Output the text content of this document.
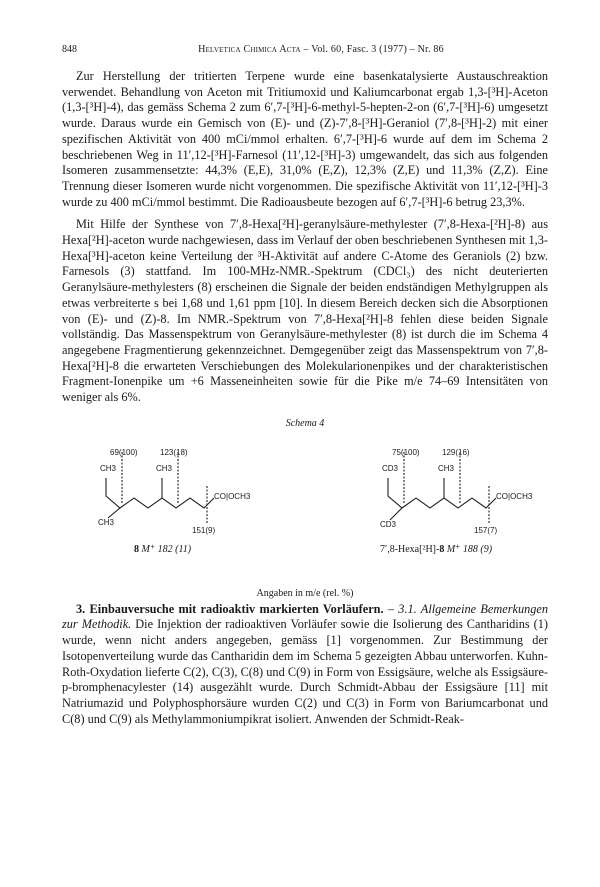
848	Helvetica Chimica Acta – Vol. 60, Fasc. 3 (1977) – Nr. 86

Zur Herstellung der tritierten Terpene wurde eine basenkatalysierte Austauschreaktion verwendet. Behandlung von Aceton mit Tritiumoxid und Kaliumcarbonat ergab 1,3-[³H]-Aceton (1,3-[³H]-4), das gemäss Schema 2 zum 6′,7-[³H]-6-methyl-5-hepten-2-on (6′,7-[³H]-6) umgesetzt wurde. Daraus wurde ein Gemisch von (E)- und (Z)-7′,8-[³H]-Geraniol (7′,8-[³H]-2) mit einer spezifischen Aktivität von 400 mCi/mmol erhalten. 6′,7-[³H]-6 wurde auf dem im Schema 2 beschriebenen Weg in 11′,12-[³H]-Farnesol (11′,12-[³H]-3) umgewandelt, das sich aus folgenden Isomeren zusammensetzte: 44,3% (E,E), 31,0% (E,Z), 12,3% (Z,E) und 11,3% (Z,Z). Eine Trennung dieser Isomeren wurde nicht vorgenommen. Die spezifische Aktivität von 11′,12-[³H]-3 wurde zu 400 mCi/mmol bestimmt. Die Radioausbeute bezogen auf 6′,7-[³H]-6 betrug 23,3%.

Mit Hilfe der Synthese von 7′,8-Hexa[²H]-geranylsäure-methylester (7′,8-Hexa-[²H]-8) aus Hexa[²H]-aceton wurde nachgewiesen, dass im Verlauf der oben beschriebenen Synthesen mit 1,3-Hexa[³H]-aceton keine Verteilung der ³H-Aktivität auf andere C-Atome des Geraniols (2) bzw. Farnesols (3) stattfand. Im 100-MHz-NMR.-Spektrum (CDCl₃) des nicht deuterierten Geranylsäure-methylesters (8) erscheinen die Signale der beiden endständigen Methylgruppen als etwas verbreiterte s bei 1,68 und 1,61 ppm [10]. In diesem Bereich decken sich die Absorptionen von (E)- und (Z)-8. Im NMR.-Spektrum von 7′,8-Hexa[²H]-8 fehlen diese beiden Signale vollständig. Das Massenspektrum von Geranylsäure-methylester (8) ist durch die im Schema 4 angegebene Fragmentierung gekennzeichnet. Demgegenüber zeigt das Massenspektrum von 7′,8-Hexa[²H]-8 die erwarteten Verschiebungen des Molekularionenpikes und der charakteristischen Fragment-Ionenpike um +6 Masseneinheiten sowie für die Pike m/e 74–69 Intensitäten von weniger als 6%.

Schema 4
69(100)	123(18)
CH3	CH3
CH3
CO|OCH3
151(9)
8 M⁺ 182 (11)
75(100)	129(16)
CD3	CH3
CD3
CO|OCH3
157(7)
7′,8-Hexa[²H]-8 M⁺ 188 (9)
Angaben in m/e (rel. %)

3. Einbauversuche mit radioaktiv markierten Vorläufern. – 3.1. Allgemeine Bemerkungen zur Methodik. Die Injektion der radioaktiven Vorläufer sowie die Isolierung des Cantharidins (1) wurde, wenn nicht anders angegeben, gemäss [1] vorgenommen. Zur Bestimmung der Isotopenverteilung wurde das Cantharidin dem im Schema 5 gezeigten Abbau unterworfen. Kuhn-Roth-Oxydation lieferte C(2), C(3), C(8) und C(9) in Form von Essigsäure, welche als Essigsäure-p-bromphenacylester (14) ausgezählt wurde. Durch Schmidt-Abbau der Essigsäure [11] mit Natriumazid und Polyphosphorsäure wurden C(2) und C(3) in Form von Bariumcarbonat und C(8) und C(9) als Methylammoniumpikrat isoliert. Anwenden der Schmidt-Reak-
